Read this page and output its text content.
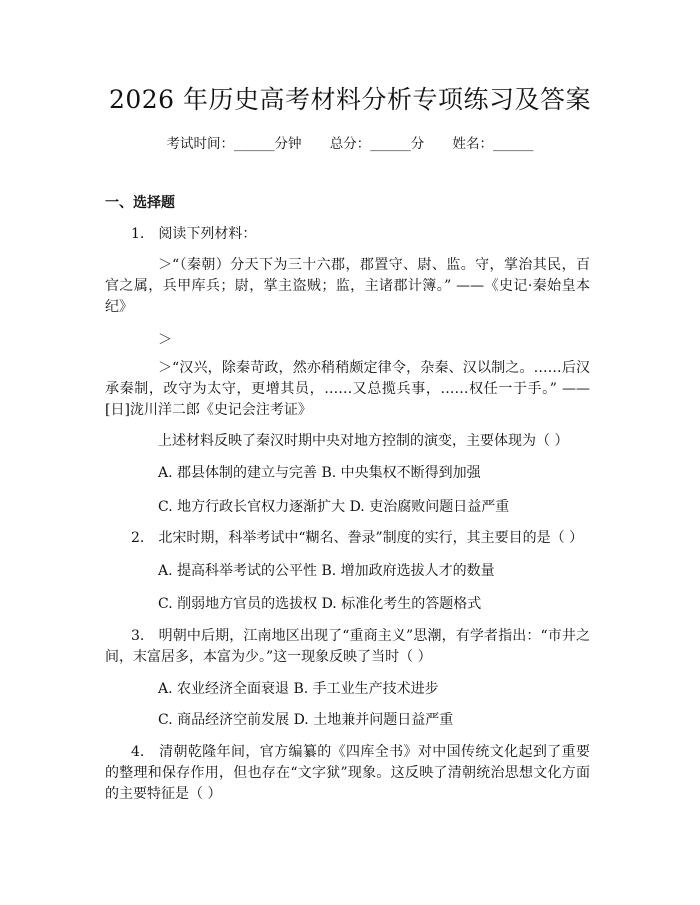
2026 年历史高考材料分析专项练习及答案
考试时间：______分钟 总分：______分 姓名：______
一、选择题
1.　阅读下列材料：
＞“（秦朝）分天下为三十六郡，郡置守、尉、监。守，掌治其民，百官之属，兵甲库兵；尉，掌主盗贼；监，主诸郡计簿。” ——《史记·秦始皇本纪》
＞
＞“汉兴，除秦苛政，然亦稍稍颇定律令，杂秦、汉以制之。……后汉承秦制，改守为太守，更增其员，……又总揽兵事，……权任一于手。” ——[日]泷川洋二郎《史记会注考证》
上述材料反映了秦汉时期中央对地方控制的演变，主要体现为（ ）
A. 郡县体制的建立与完善 B. 中央集权不断得到加强
C. 地方行政长官权力逐渐扩大 D. 吏治腐败问题日益严重
2.　北宋时期，科举考试中“糊名、誊录”制度的实行，其主要目的是（ ）
A. 提高科举考试的公平性 B. 增加政府选拔人才的数量
C. 削弱地方官员的选拔权 D. 标准化考生的答题格式
3.　明朝中后期，江南地区出现了“重商主义”思潮，有学者指出：“市井之间，末富居多，本富为少。”这一现象反映了当时（ ）
A. 农业经济全面衰退 B. 手工业生产技术进步
C. 商品经济空前发展 D. 土地兼并问题日益严重
4.　清朝乾隆年间，官方编纂的《四库全书》对中国传统文化起到了重要的整理和保存作用，但也存在“文字狱”现象。这反映了清朝统治思想文化方面的主要特征是（ ）
